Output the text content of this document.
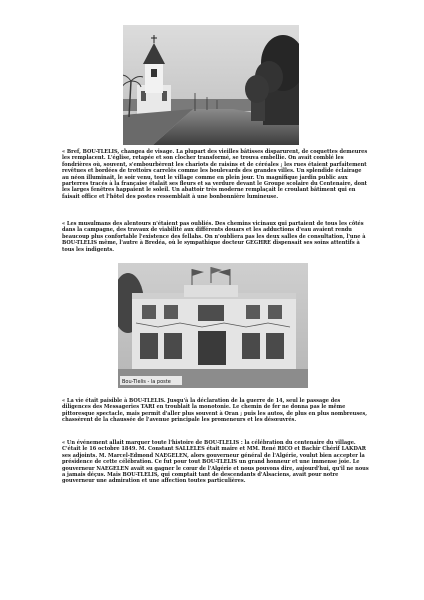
« Bref, BOU-TLELIS, changea de visage. La plupart des vieilles bâtisses disparurent, de coquettes demeures les remplacent. L'église, retapée et son clocher transformé, se trouva embellie. On avait comblé les fondrières où, souvent, s'embourbèrent les chariots de raisins et de céréales ; les rues étaient parfaitement revêtues et bordées de trottoirs carrelés comme les boulevards des grandes villes. Un splendide éclairage au néon illuminait, le soir venu, tout le village comme en plein jour. Un magnifique jardin public aux parterres tracés à la française étalait ses fleurs et sa verdure devant le Groupe scolaire du Centenaire, dont les larges fenêtres happaient le soleil. Un abattoir très moderne remplaçait le croulant bâtiment qui en faisait office et l'hôtel des postes ressemblait à une bonbonnière lumineuse.

« Les musulmans des alentours n'étaient pas oubliés. Des chemins vicinaux qui partaient de tous les côtés dans la campagne, des travaux de viabilité aux différents douars et les adductions d'eau avaient rendu beaucoup plus confortable l'existence des fellahs. On n'oubliera pas les deux salles de consultation, l'une à BOU-TLELIS même, l'autre à Bredéa, où le sympathique docteur GEGHRE dispensait ses soins attentifs à tous les indigents.

Bou-Tlelis - la poste

« La vie était paisible à BOU-TLELIS. Jusqu'à la déclaration de la guerre de 14, seul le passage des diligences des Messageries TARI en troublait la monotonie. Le chemin de fer ne donna pas le même pittoresque spectacle, mais permit d'aller plus souvent à Oran ; puis les autos, de plus en plus nombreuses, chassèrent de la chaussée de l'avenue principale les promeneurs et les désœuvrés.

« Un événement allait marquer toute l'histoire de BOU-TLELIS : la célébration du centenaire du village. C'était le 16 octobre 1849. M. Constant SALLELES était maire et MM. René RICO et Bachir Chérif LAKDAR ses adjoints. M. Marcel-Edmond NAEGELEN, alors gouverneur général de l'Algérie, voulut bien accepter la présidence de cette célébration. Ce fut pour tout BOU-TLELIS un grand honneur et une immense joie. Le gouverneur NAEGELEN avait su gagner le cœur de l'Algérie et nous pouvons dire, aujourd'hui, qu'il ne nous a jamais déçus. Mais BOU-TLELIS, qui comptait tant de descendants d'Alsaciens, avait pour notre gouverneur une admiration et une affection toutes particulières.
